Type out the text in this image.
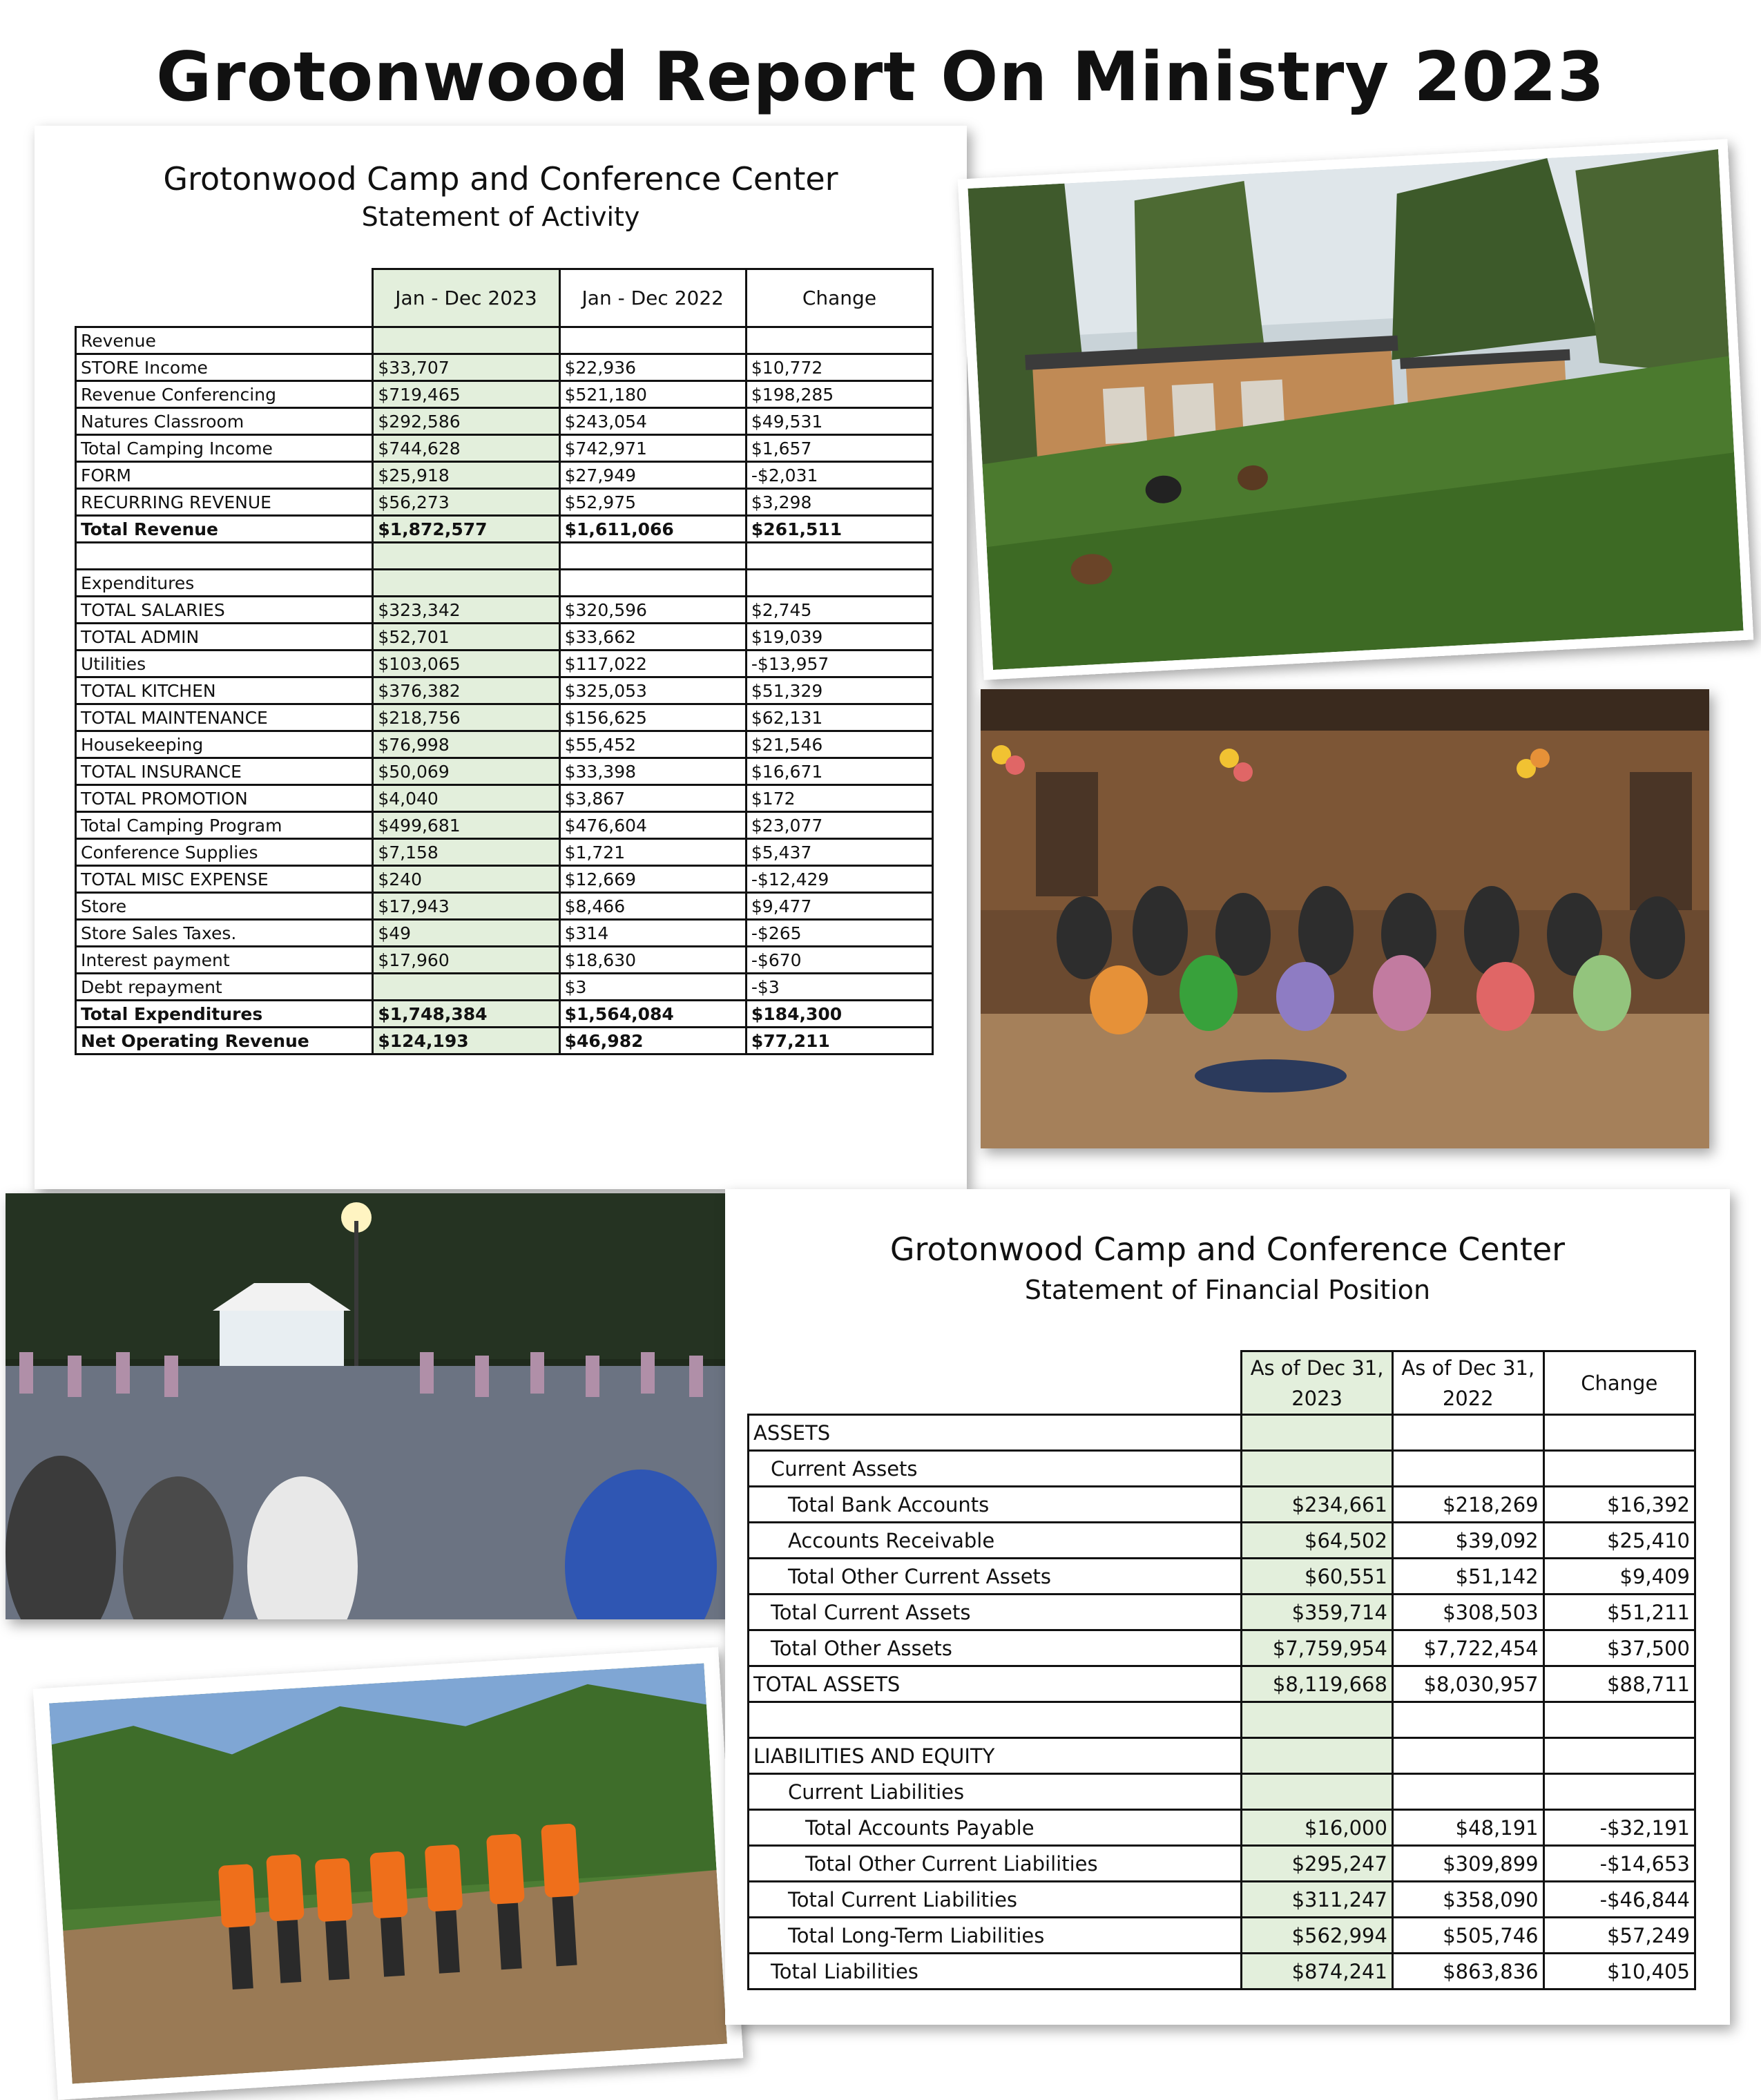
Grotonwood Report On Ministry 2023
Grotonwood Camp and Conference Center
Statement of Activity
	Jan - Dec 2023	Jan - Dec 2022	Change
Revenue			
STORE Income	$33,707	$22,936	$10,772
Revenue Conferencing	$719,465	$521,180	$198,285
Natures Classroom	$292,586	$243,054	$49,531
Total Camping Income	$744,628	$742,971	$1,657
FORM	$25,918	$27,949	-$2,031
RECURRING REVENUE	$56,273	$52,975	$3,298
Total Revenue	$1,872,577	$1,611,066	$261,511

Expenditures			
TOTAL SALARIES	$323,342	$320,596	$2,745
TOTAL ADMIN	$52,701	$33,662	$19,039
Utilities	$103,065	$117,022	-$13,957
TOTAL KITCHEN	$376,382	$325,053	$51,329
TOTAL MAINTENANCE	$218,756	$156,625	$62,131
Housekeeping	$76,998	$55,452	$21,546
TOTAL INSURANCE	$50,069	$33,398	$16,671
TOTAL PROMOTION	$4,040	$3,867	$172
Total Camping Program	$499,681	$476,604	$23,077
Conference Supplies	$7,158	$1,721	$5,437
TOTAL MISC EXPENSE	$240	$12,669	-$12,429
Store	$17,943	$8,466	$9,477
Store Sales Taxes.	$49	$314	-$265
Interest payment	$17,960	$18,630	-$670
Debt repayment		$3	-$3
Total Expenditures	$1,748,384	$1,564,084	$184,300
Net Operating Revenue	$124,193	$46,982	$77,211
Grotonwood Camp and Conference Center
Statement of Financial Position
	As of Dec 31, 2023	As of Dec 31, 2022	Change
ASSETS			
Current Assets			
Total Bank Accounts	$234,661	$218,269	$16,392
Accounts Receivable	$64,502	$39,092	$25,410
Total Other Current Assets	$60,551	$51,142	$9,409
Total Current Assets	$359,714	$308,503	$51,211
Total Other Assets	$7,759,954	$7,722,454	$37,500
TOTAL ASSETS	$8,119,668	$8,030,957	$88,711

LIABILITIES AND EQUITY			
Current Liabilities			
Total Accounts Payable	$16,000	$48,191	-$32,191
Total Other Current Liabilities	$295,247	$309,899	-$14,653
Total Current Liabilities	$311,247	$358,090	-$46,844
Total Long-Term Liabilities	$562,994	$505,746	$57,249
Total Liabilities	$874,241	$863,836	$10,405
